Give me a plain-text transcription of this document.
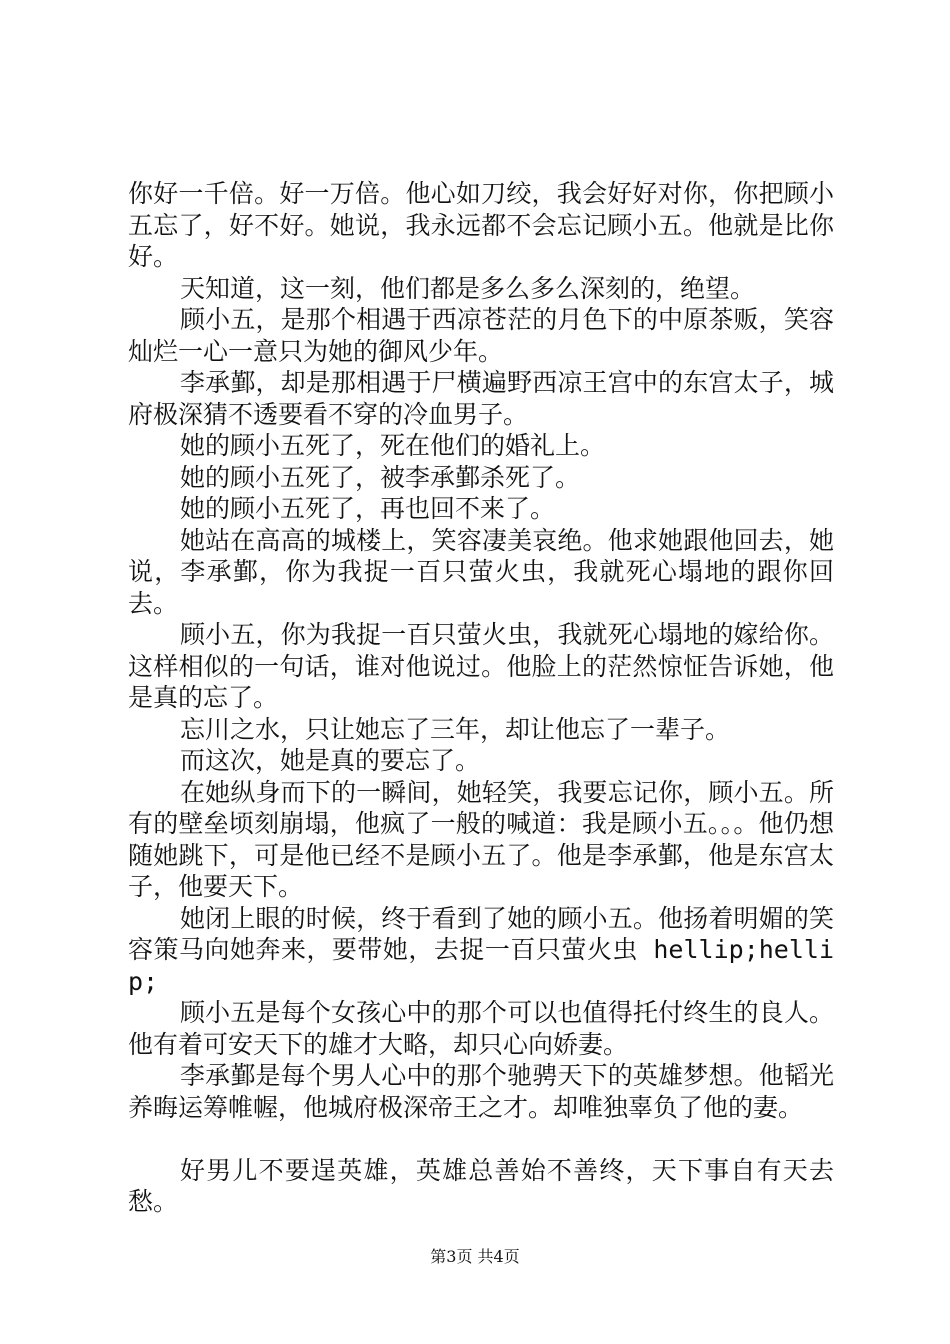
你好一千倍。好一万倍。他心如刀绞，我会好好对你，你把顾小五忘了，好不好。她说，我永远都不会忘记顾小五。他就是比你好。

天知道，这一刻，他们都是多么多么深刻的，绝望。

顾小五，是那个相遇于西凉苍茫的月色下的中原茶贩，笑容灿烂一心一意只为她的御风少年。

李承鄞，却是那相遇于尸横遍野西凉王宫中的东宫太子，城府极深猜不透要看不穿的冷血男子。

她的顾小五死了，死在他们的婚礼上。

她的顾小五死了，被李承鄞杀死了。

她的顾小五死了，再也回不来了。

她站在高高的城楼上，笑容凄美哀绝。他求她跟他回去，她说，李承鄞，你为我捉一百只萤火虫，我就死心塌地的跟你回去。

顾小五，你为我捉一百只萤火虫，我就死心塌地的嫁给你。这样相似的一句话，谁对他说过。他脸上的茫然惊怔告诉她，他是真的忘了。

忘川之水，只让她忘了三年，却让他忘了一辈子。

而这次，她是真的要忘了。

在她纵身而下的一瞬间，她轻笑，我要忘记你，顾小五。所有的壁垒顷刻崩塌，他疯了一般的喊道：我是顾小五。。。他仍想随她跳下，可是他已经不是顾小五了。他是李承鄞，他是东宫太子，他要天下。

她闭上眼的时候，终于看到了她的顾小五。他扬着明媚的笑容策马向她奔来，要带她，去捉一百只萤火虫 hellip;hellip;

顾小五是每个女孩心中的那个可以也值得托付终生的良人。他有着可安天下的雄才大略，却只心向娇妻。

李承鄞是每个男人心中的那个驰骋天下的英雄梦想。他韬光养晦运筹帷幄，他城府极深帝王之才。却唯独辜负了他的妻。

好男儿不要逞英雄，英雄总善始不善终，天下事自有天去愁。

第3页 共4页
